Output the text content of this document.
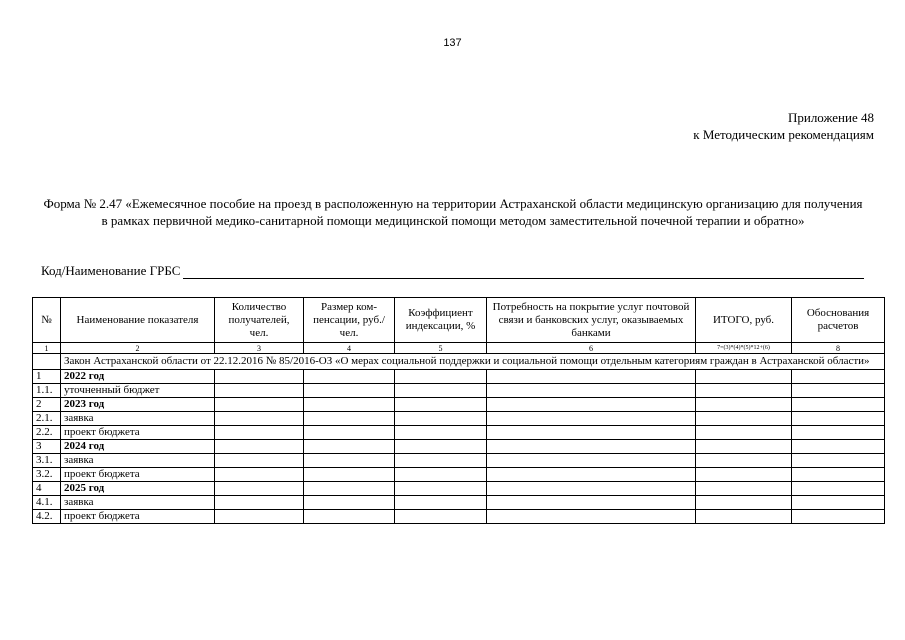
137
Приложение 48
к Методическим рекомендациям
Форма № 2.47 «Ежемесячное пособие на проезд в расположенную на территории Астраханской области медицинскую организацию для получения в рамках первичной медико-санитарной помощи медицинской помощи методом заместительной почечной терапии и обратно»
Код/Наименование ГРБС
№	Наименование показателя	Количество получателей, чел.	Размер ком-пенсации, руб./чел.	Коэффициент индексации, %	Потребность на покрытие услуг почтовой связи и банковских услуг, оказываемых банками	ИТОГО, руб.	Обоснования расчетов
1	2	3	4	5	6	7=(3)*(4)*(5)*12+(6)	8
	Закон Астраханской области от 22.12.2016 № 85/2016-ОЗ «О мерах социальной поддержки и социальной помощи отдельным категориям граждан в Астраханской области»						
1	2022 год						
1.1.	уточненный бюджет						
2	2023 год						
2.1.	заявка						
2.2.	проект бюджета						
3	2024 год						
3.1.	заявка						
3.2.	проект бюджета						
4	2025 год						
4.1.	заявка						
4.2.	проект бюджета						
